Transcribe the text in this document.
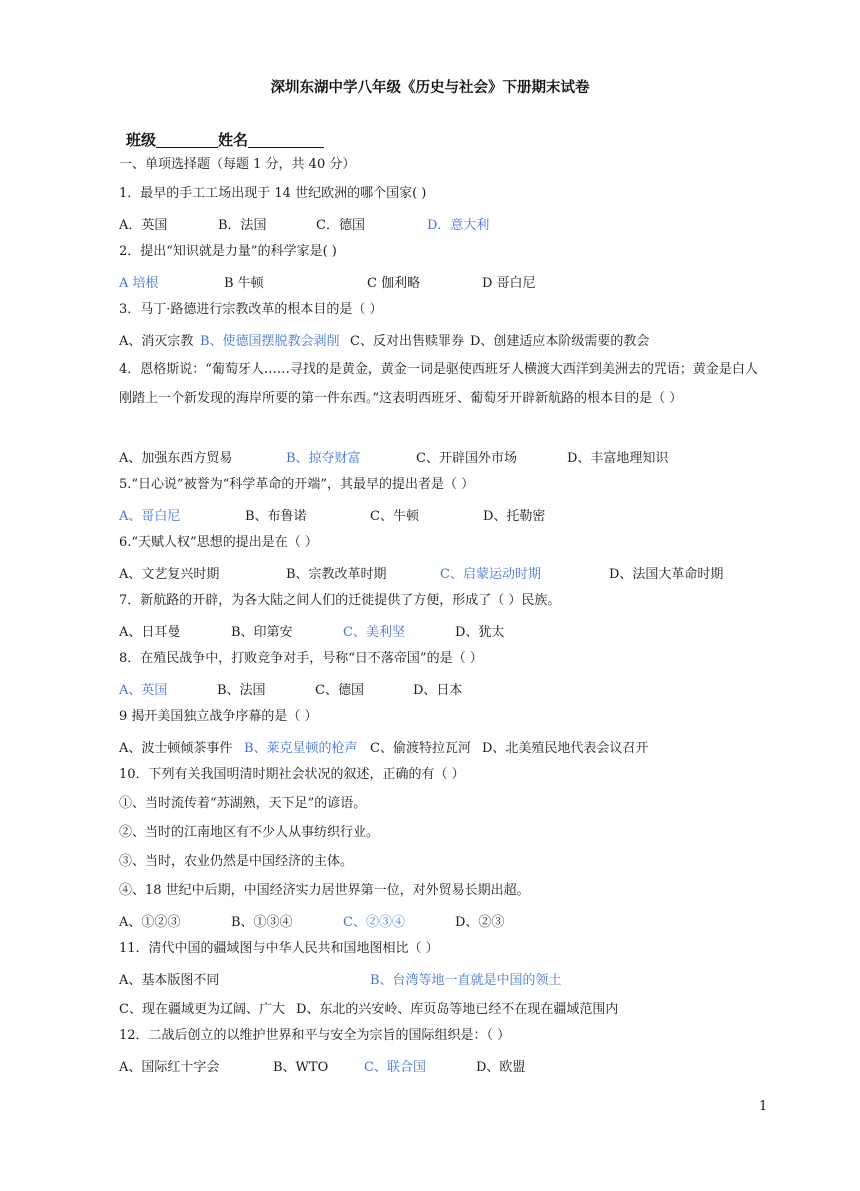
深圳东湖中学八年级《历史与社会》下册期末试卷
班级	姓名
一、单项选择题（每题 1 分，共 40 分）
1．最早的手工工场出现于 14 世纪欧洲的哪个国家( )
A．英国	B．法国	C．德国	D．意大利
2．提出“知识就是力量”的科学家是( )
A 培根	B 牛顿	C 伽利略	D 哥白尼
3．马丁·路德进行宗教改革的根本目的是（ ）
A、消灭宗教 B、使德国摆脱教会剥削 C、反对出售赎罪券 D、创建适应本阶级需要的教会
4．恩格斯说：“葡萄牙人……寻找的是黄金，黄金一词是驱使西班牙人横渡大西洋到美洲去的咒语；黄金是白人刚踏上一个新发现的海岸所要的第一件东西。”这表明西班牙、葡萄牙开辟新航路的根本目的是（ ）
A、加强东西方贸易	B、掠夺财富	C、开辟国外市场	D、丰富地理知识
5.“日心说”被誉为“科学革命的开端”，其最早的提出者是（ ）
A、哥白尼	B、布鲁诺	C、牛顿	D、托勒密
6.“天赋人权”思想的提出是在（ ）
A、文艺复兴时期	B、宗教改革时期	C、启蒙运动时期	D、法国大革命时期
7．新航路的开辟，为各大陆之间人们的迁徙提供了方便，形成了（ ）民族。
A、日耳曼	B、印第安	C、美利坚	D、犹太
8．在殖民战争中，打败竞争对手，号称“日不落帝国”的是（ ）
A、英国	B、法国	C、德国	D、日本
9 揭开美国独立战争序幕的是（ ）
A、波士顿倾茶事件 B、莱克星顿的枪声 C、偷渡特拉瓦河 D、北美殖民地代表会议召开
10．下列有关我国明清时期社会状况的叙述，正确的有（ ）
①、当时流传着“苏湖熟，天下足”的谚语。
②、当时的江南地区有不少人从事纺织行业。
③、当时，农业仍然是中国经济的主体。
④、18 世纪中后期，中国经济实力居世界第一位，对外贸易长期出超。
A、①②③	B、①③④	C、②③④	D、②③
11．清代中国的疆域图与中华人民共和国地图相比（ ）
A、基本版图不同	B、台湾等地一直就是中国的领土
C、现在疆域更为辽阔、广大 D、东北的兴安岭、库页岛等地已经不在现在疆域范围内
12．二战后创立的以维护世界和平与安全为宗旨的国际组织是：（ ）
A、国际红十字会	B、WTO	C、联合国	D、欧盟
1
